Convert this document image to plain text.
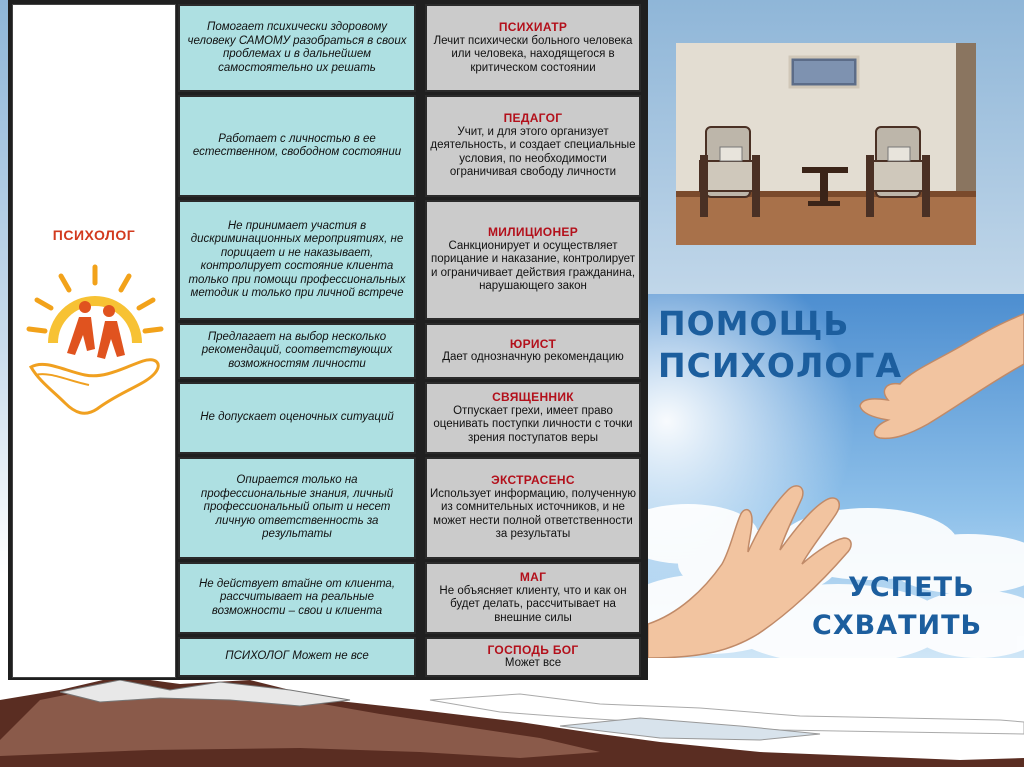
ПСИХОЛОГ
Помогает психически здоровому человеку САМОМУ разобраться в своих проблемах и в дальнейшем самостоятельно их решать
ПСИХИАТР
Лечит психически больного человека или человека, находящегося в критическом состоянии
Работает с личностью в ее естественном, свободном состоянии
ПЕДАГОГ
Учит, и для этого организует деятельность, и создает специальные условия, по необходимости ограничивая свободу личности
Не принимает участия в дискриминационных мероприятиях, не порицает и не наказывает, контролирует состояние клиента только при помощи профессиональных методик и только при личной встрече
МИЛИЦИОНЕР
Санкционирует и осуществляет порицание и наказание, контролирует и ограничивает действия гражданина, нарушающего закон
Предлагает на выбор несколько рекомендаций, соответствующих возможностям личности
ЮРИСТ
Дает однозначную рекомендацию
Не допускает оценочных ситуаций
СВЯЩЕННИК
Отпускает грехи, имеет право оценивать поступки личности с точки зрения поступатов веры
Опирается только на профессиональные знания, личный профессиональный опыт и несет личную ответственность за результаты
ЭКСТРАСЕНС
Использует информацию, полученную из сомнительных источников, и не может нести полной ответственности за результаты
Не действует втайне от клиента, рассчитывает на реальные возможности – свои и клиента
МАГ
Не объясняет клиенту, что и как он будет делать, рассчитывает на внешние силы
ПСИХОЛОГ Может не все	ГОСПОДЬ БОГ
Может все
ПОМОЩЬ
ПСИХОЛОГА
УСПЕТЬ
СХВАТИТЬ
